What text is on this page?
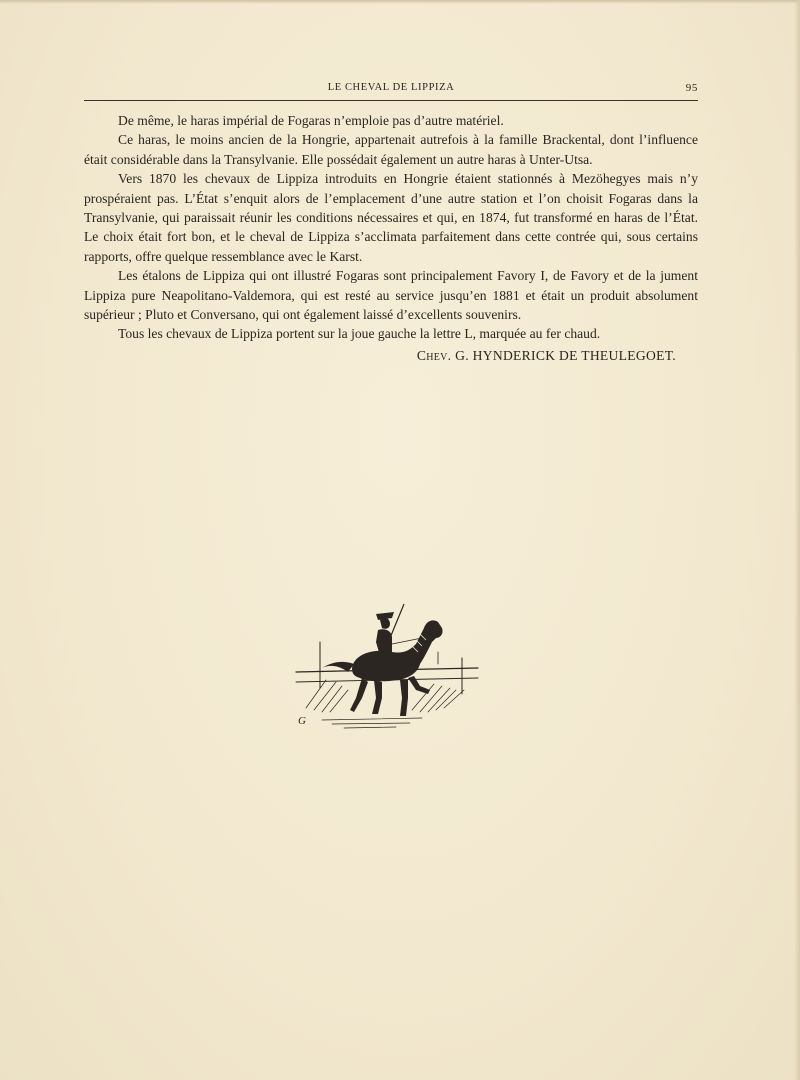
LE CHEVAL DE LIPPIZA	95

De même, le haras impérial de Fogaras n’emploie pas d’autre matériel.

Ce haras, le moins ancien de la Hongrie, appartenait autrefois à la famille Brackental, dont l’influence était considérable dans la Transylvanie. Elle possédait également un autre haras à Unter-Utsa.

Vers 1870 les chevaux de Lippiza introduits en Hongrie étaient stationnés à Mezöhegyes mais n’y prospéraient pas. L’État s’enquit alors de l’emplacement d’une autre station et l’on choisit Fogaras dans la Transylvanie, qui paraissait réunir les conditions nécessaires et qui, en 1874, fut transformé en haras de l’État. Le choix était fort bon, et le cheval de Lippiza s’acclimata parfaitement dans cette contrée qui, sous certains rapports, offre quelque ressemblance avec le Karst.

Les étalons de Lippiza qui ont illustré Fogaras sont principalement Favory I, de Favory et de la jument Lippiza pure Neapolitano-Valdemora, qui est resté au service jusqu’en 1881 et était un produit absolument supérieur ; Pluto et Conversano, qui ont également laissé d’excellents souvenirs.

Tous les chevaux de Lippiza portent sur la joue gauche la lettre L, marquée au fer chaud.

Chev. G. HYNDERICK DE THEULEGOET.
G
